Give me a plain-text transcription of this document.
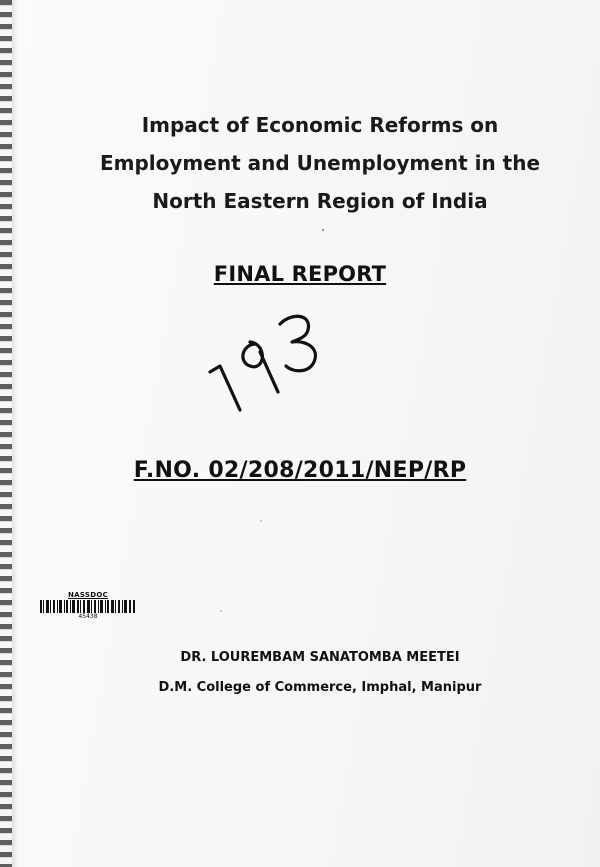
Impact of Economic Reforms on
Employment and Unemployment in the
North Eastern Region of India
FINAL REPORT
F.NO. 02/208/2011/NEP/RP
NASSDOC
45438
DR. LOUREMBAM SANATOMBA MEETEI
D.M. College of Commerce, Imphal, Manipur
